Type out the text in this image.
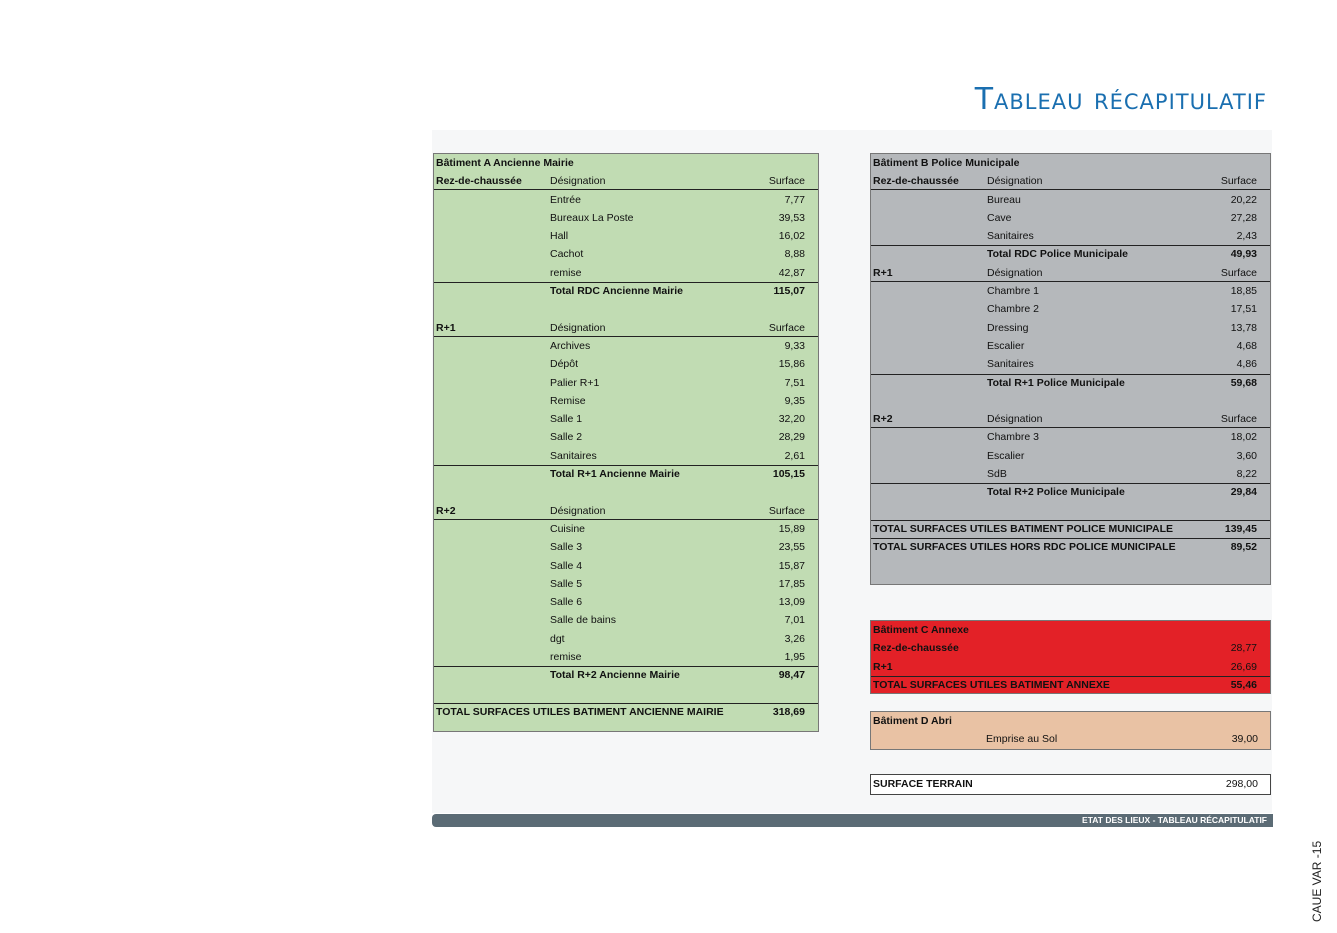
Tableau récapitulatif
Bâtiment A Ancienne Mairie
Rez-de-chaussée	Désignation	Surface
Entrée	7,77
Bureaux La Poste	39,53
Hall	16,02
Cachot	8,88
remise	42,87
Total RDC Ancienne Mairie	115,07
R+1	Désignation	Surface
Archives	9,33
Dépôt	15,86
Palier R+1	7,51
Remise	9,35
Salle 1	32,20
Salle 2	28,29
Sanitaires	2,61
Total R+1 Ancienne Mairie	105,15
R+2	Désignation	Surface
Cuisine	15,89
Salle 3	23,55
Salle 4	15,87
Salle 5	17,85
Salle 6	13,09
Salle de bains	7,01
dgt	3,26
remise	1,95
Total R+2 Ancienne Mairie	98,47
TOTAL SURFACES UTILES BATIMENT ANCIENNE MAIRIE	318,69
Bâtiment B Police Municipale
Rez-de-chaussée	Désignation	Surface
Bureau	20,22
Cave	27,28
Sanitaires	2,43
Total RDC Police Municipale	49,93
R+1	Désignation	Surface
Chambre 1	18,85
Chambre 2	17,51
Dressing	13,78
Escalier	4,68
Sanitaires	4,86
Total R+1 Police Municipale	59,68
R+2	Désignation	Surface
Chambre 3	18,02
Escalier	3,60
SdB	8,22
Total R+2 Police Municipale	29,84
TOTAL SURFACES UTILES BATIMENT POLICE MUNICIPALE	139,45
TOTAL SURFACES UTILES HORS RDC POLICE MUNICIPALE	89,52
Bâtiment C Annexe
Rez-de-chaussée	28,77
R+1	26,69
TOTAL SURFACES UTILES BATIMENT ANNEXE	55,46
Bâtiment D Abri
Emprise au Sol	39,00
SURFACE TERRAIN	298,00
ETAT DES LIEUX - TABLEAU RÉCAPITULATIF
CAUE VAR -15
